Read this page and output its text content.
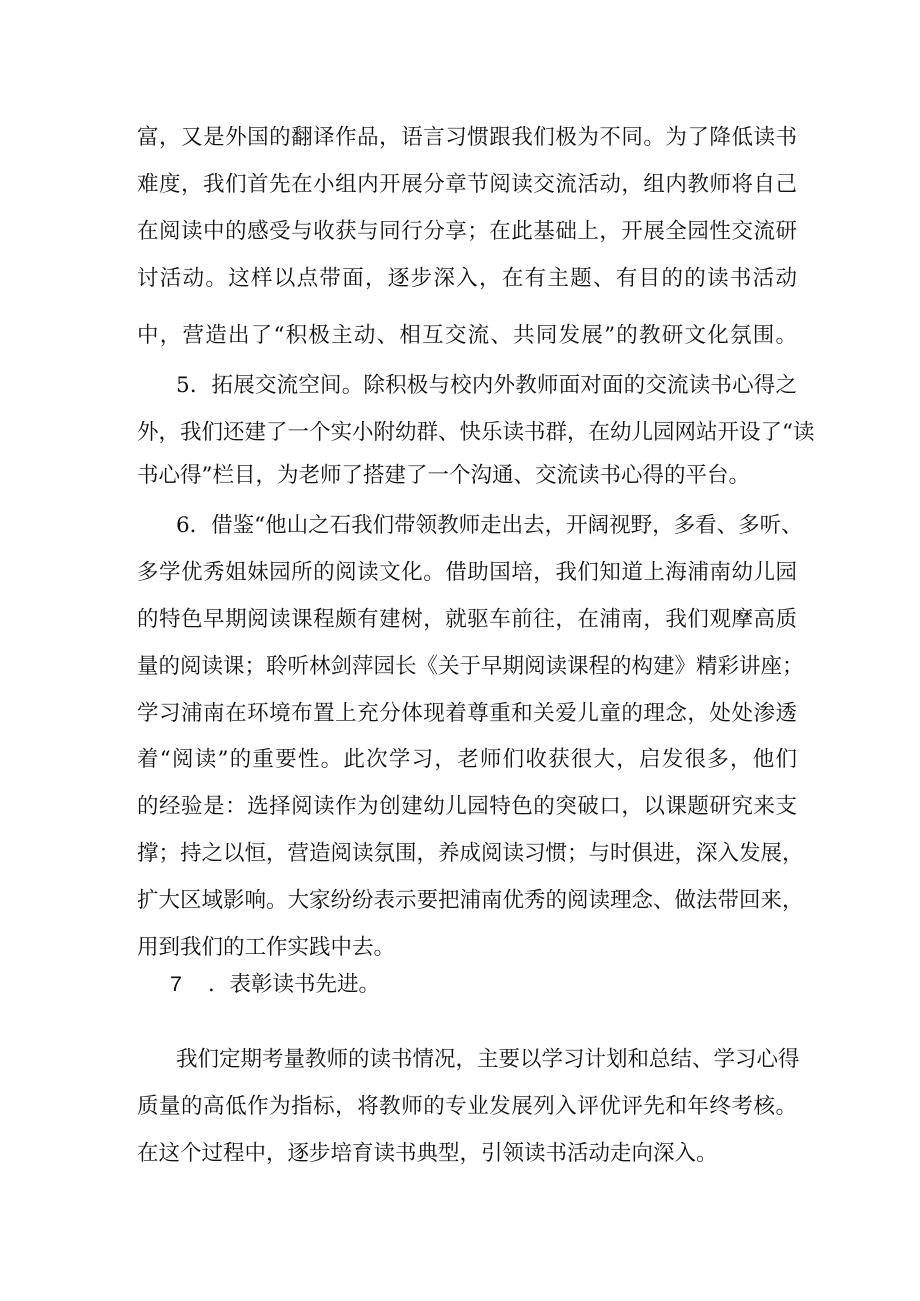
富，又是外国的翻译作品，语言习惯跟我们极为不同。为了降低读书
难度，我们首先在小组内开展分章节阅读交流活动，组内教师将自己
在阅读中的感受与收获与同行分享；在此基础上，开展全园性交流研
讨活动。这样以点带面，逐步深入，在有主题、有目的的读书活动
中，营造出了“积极主动、相互交流、共同发展”的教研文化氛围。
5．拓展交流空间。除积极与校内外教师面对面的交流读书心得之
外，我们还建了一个实小附幼群、快乐读书群，在幼儿园网站开设了“读
书心得”栏目，为老师了搭建了一个沟通、交流读书心得的平台。
6．借鉴“他山之石我们带领教师走出去，开阔视野，多看、多听、
多学优秀姐妹园所的阅读文化。借助国培，我们知道上海浦南幼儿园
的特色早期阅读课程颇有建树，就驱车前往，在浦南，我们观摩高质
量的阅读课；聆听林剑萍园长《关于早期阅读课程的构建》精彩讲座；
学习浦南在环境布置上充分体现着尊重和关爱儿童的理念，处处渗透
着“阅读”的重要性。此次学习，老师们收获很大，启发很多，他们
的经验是：选择阅读作为创建幼儿园特色的突破口，以课题研究来支
撑；持之以恒，营造阅读氛围，养成阅读习惯；与时俱进，深入发展，
扩大区域影响。大家纷纷表示要把浦南优秀的阅读理念、做法带回来，
用到我们的工作实践中去。
7 ．表彰读书先进。
我们定期考量教师的读书情况，主要以学习计划和总结、学习心得
质量的高低作为指标，将教师的专业发展列入评优评先和年终考核。
在这个过程中，逐步培育读书典型，引领读书活动走向深入。
